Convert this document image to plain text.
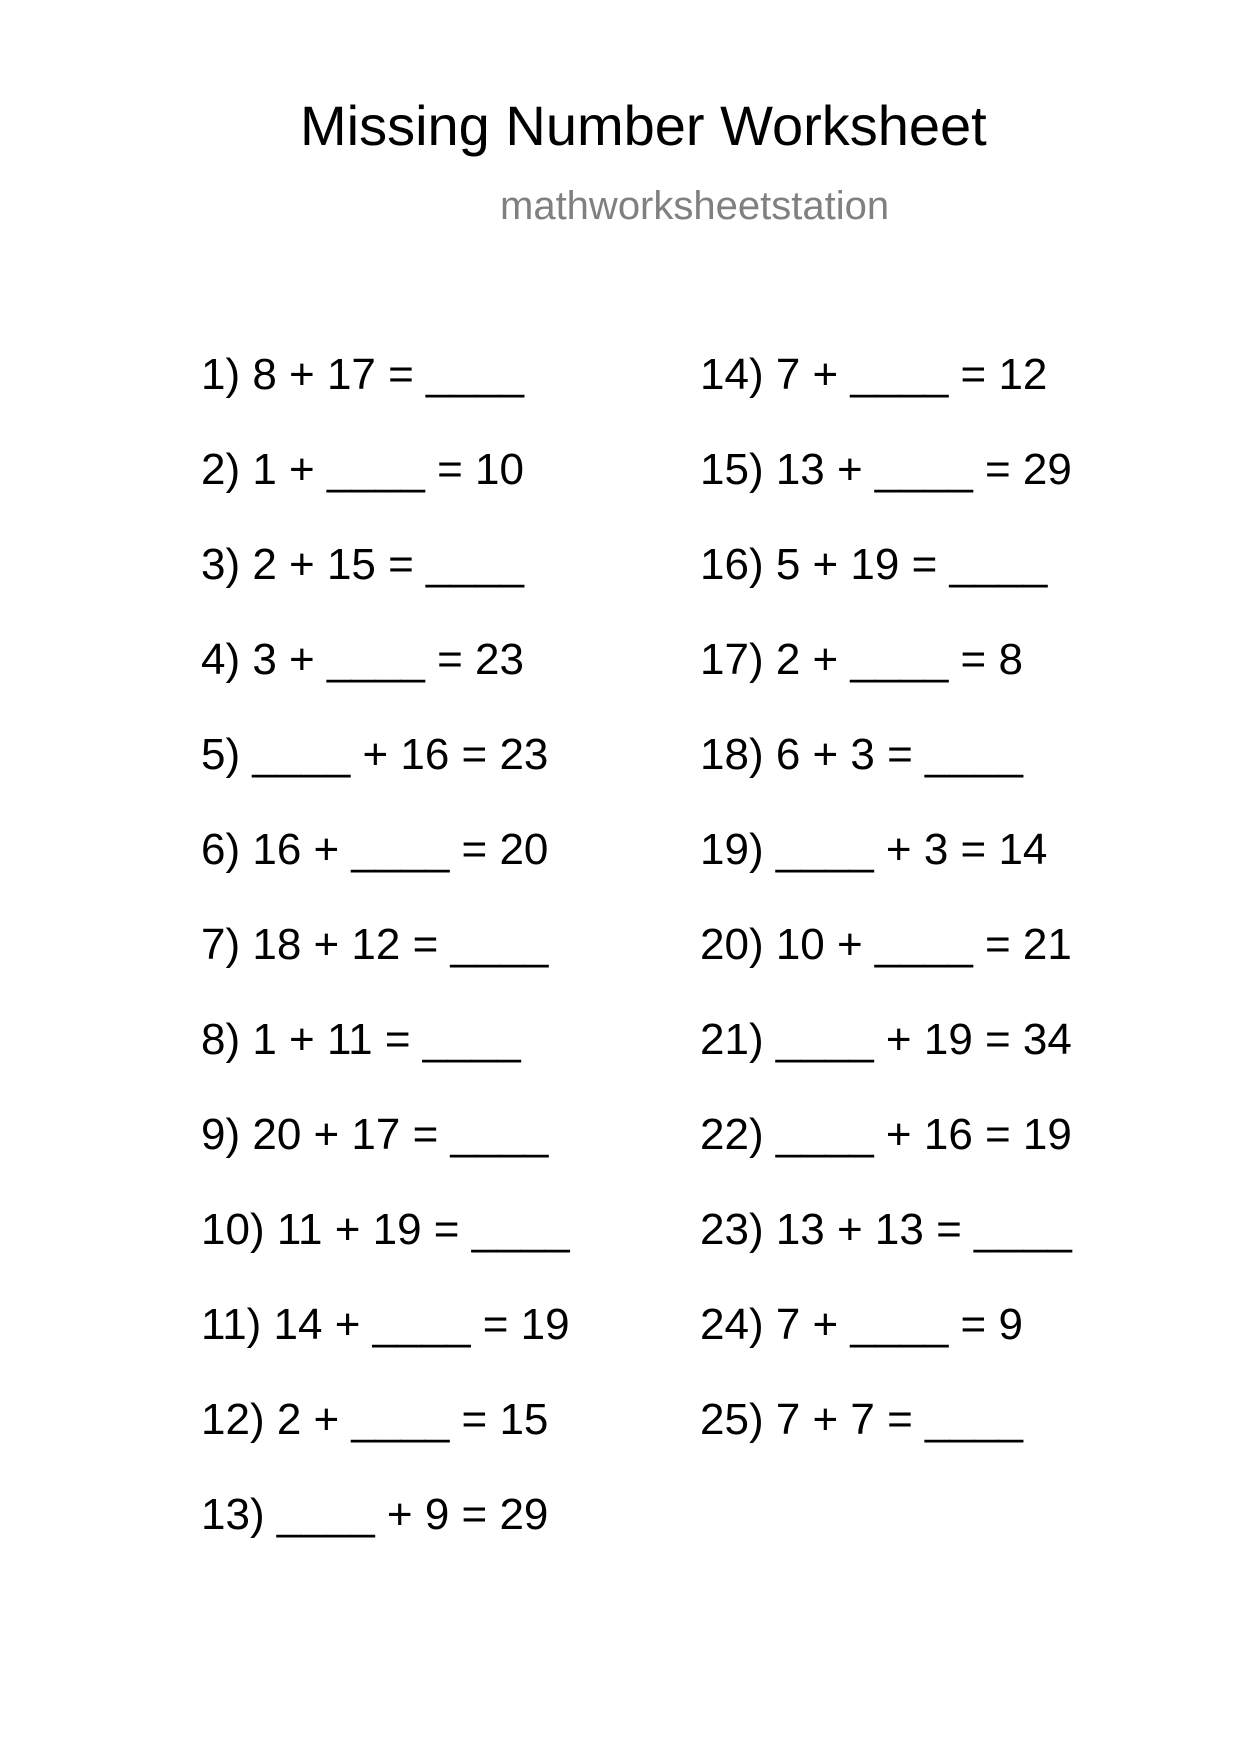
Missing Number Worksheet
mathworksheetstation
1) 8 + 17 = ____
2) 1 + ____ = 10
3) 2 + 15 = ____
4) 3 + ____ = 23
5) ____ + 16 = 23
6) 16 + ____ = 20
7) 18 + 12 = ____
8) 1 + 11 = ____
9) 20 + 17 = ____
10) 11 + 19 = ____
11) 14 + ____ = 19
12) 2 + ____ = 15
13) ____ + 9 = 29
14) 7 + ____ = 12
15) 13 + ____ = 29
16) 5 + 19 = ____
17) 2 + ____ = 8
18) 6 + 3 = ____
19) ____ + 3 = 14
20) 10 + ____ = 21
21) ____ + 19 = 34
22) ____ + 16 = 19
23) 13 + 13 = ____
24) 7 + ____ = 9
25) 7 + 7 = ____
